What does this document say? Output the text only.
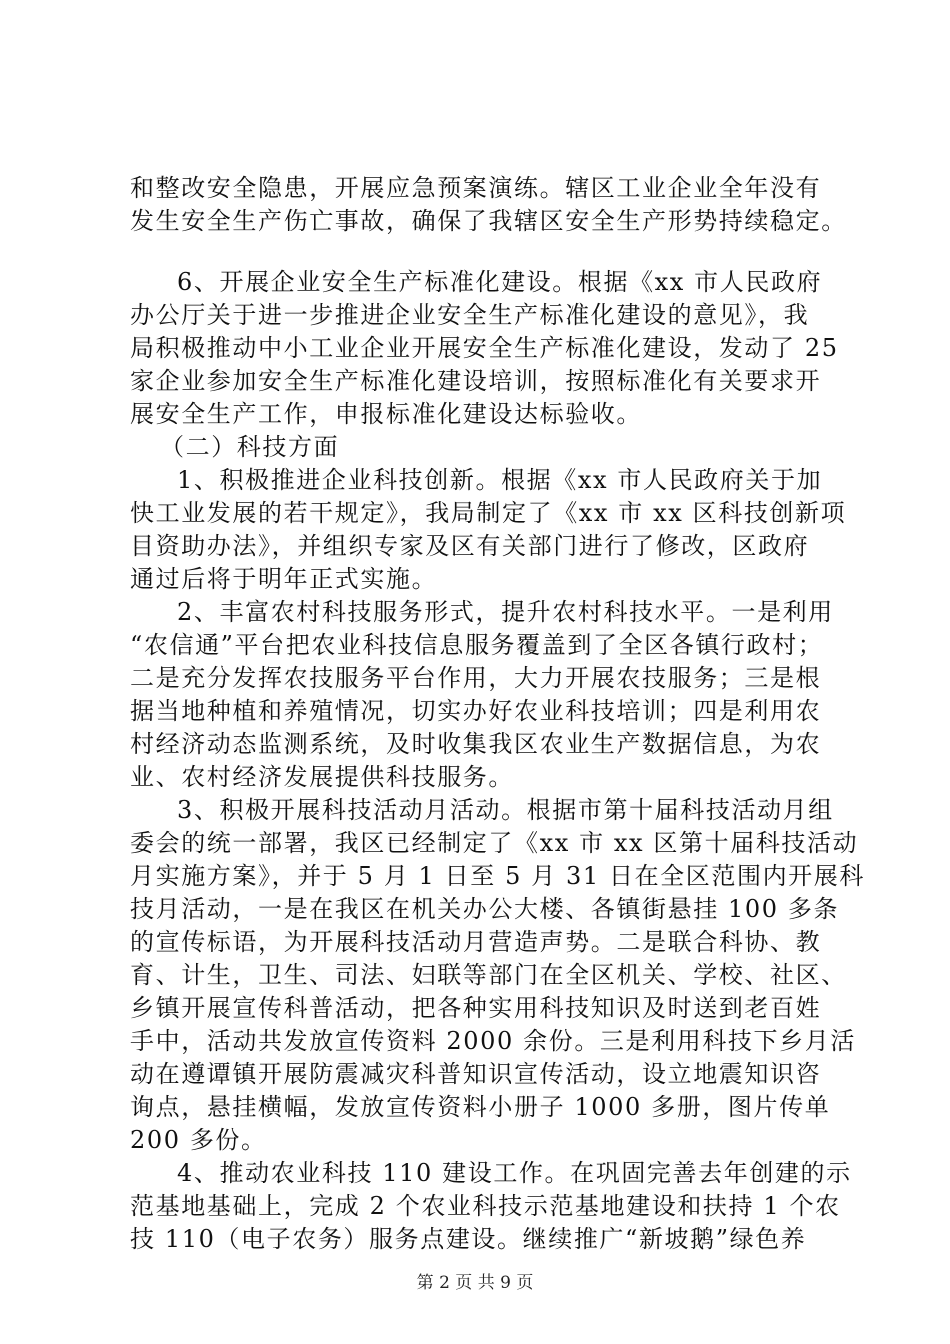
和整改安全隐患，开展应急预案演练。辖区工业企业全年没有
发生安全生产伤亡事故，确保了我辖区安全生产形势持续稳定。
6、开展企业安全生产标准化建设。根据《xx 市人民政府
办公厅关于进一步推进企业安全生产标准化建设的意见》，我
局积极推动中小工业企业开展安全生产标准化建设，发动了 25
家企业参加安全生产标准化建设培训，按照标准化有关要求开
展安全生产工作，申报标准化建设达标验收。
（二）科技方面
1、积极推进企业科技创新。根据《xx 市人民政府关于加
快工业发展的若干规定》，我局制定了《xx 市 xx 区科技创新项
目资助办法》，并组织专家及区有关部门进行了修改，区政府
通过后将于明年正式实施。
2、丰富农村科技服务形式，提升农村科技水平。一是利用
“农信通”平台把农业科技信息服务覆盖到了全区各镇行政村；
二是充分发挥农技服务平台作用，大力开展农技服务；三是根
据当地种植和养殖情况，切实办好农业科技培训；四是利用农
村经济动态监测系统，及时收集我区农业生产数据信息，为农
业、农村经济发展提供科技服务。
3、积极开展科技活动月活动。根据市第十届科技活动月组
委会的统一部署，我区已经制定了《xx 市 xx 区第十届科技活动
月实施方案》，并于 5 月 1 日至 5 月 31 日在全区范围内开展科
技月活动，一是在我区在机关办公大楼、各镇街悬挂 100 多条
的宣传标语，为开展科技活动月营造声势。二是联合科协、教
育、计生，卫生、司法、妇联等部门在全区机关、学校、社区、
乡镇开展宣传科普活动，把各种实用科技知识及时送到老百姓
手中，活动共发放宣传资料 2000 余份。三是利用科技下乡月活
动在遵谭镇开展防震减灾科普知识宣传活动，设立地震知识咨
询点，悬挂横幅，发放宣传资料小册子 1000 多册，图片传单
200 多份。
4、推动农业科技 110 建设工作。在巩固完善去年创建的示
范基地基础上，完成 2 个农业科技示范基地建设和扶持 1 个农
技 110（电子农务）服务点建设。继续推广“新坡鹅”绿色养
第 2 页 共 9 页
